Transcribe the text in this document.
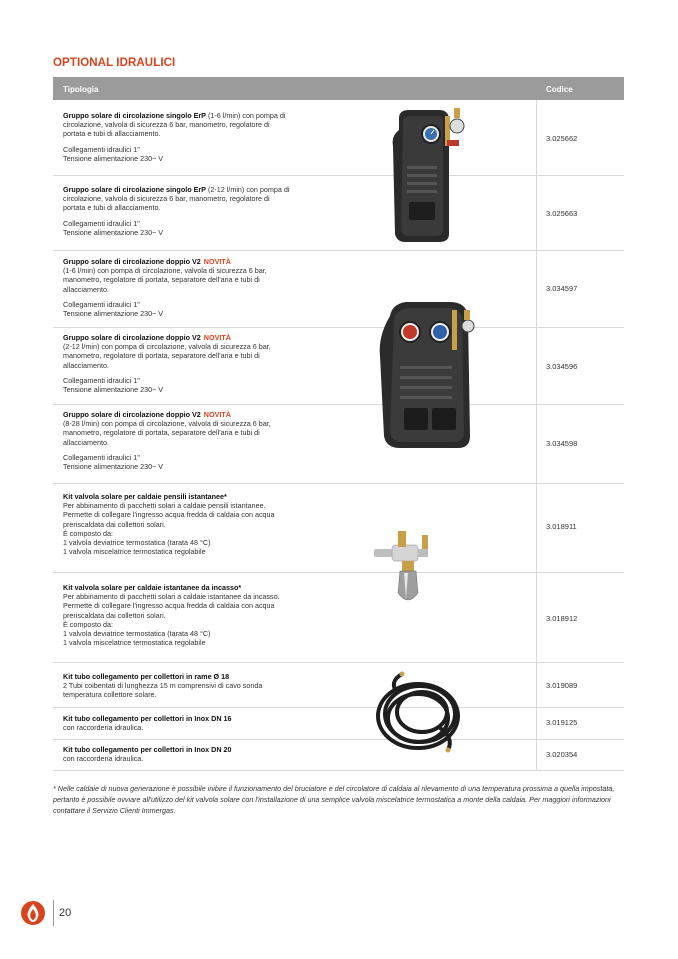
OPTIONAL IDRAULICI
Tipologia	Codice
Gruppo solare di circolazione singolo ErP (1-6 l/min) con pompa di circolazione, valvola di sicurezza 6 bar, manometro, regolatore di portata e tubi di allacciamento.
Collegamenti idraulici 1"
Tensione alimentazione 230~ V
3.025662
Gruppo solare di circolazione singolo ErP (2-12 l/min) con pompa di circolazione, valvola di sicurezza 6 bar, manometro, regolatore di portata e tubi di allacciamento.
Collegamenti idraulici 1"
Tensione alimentazione 230~ V
3.025663
Gruppo solare di circolazione doppio V2 NOVITÀ
(1-6 l/min) con pompa di circolazione, valvola di sicurezza 6 bar, manometro, regolatore di portata, separatore dell'aria e tubi di allacciamento.
Collegamenti idraulici 1"
Tensione alimentazione 230~ V
3.034597
Gruppo solare di circolazione doppio V2 NOVITÀ
(2-12 l/min) con pompa di circolazione, valvola di sicurezza 6 bar, manometro, regolatore di portata, separatore dell'aria e tubi di allacciamento.
Collegamenti idraulici 1"
Tensione alimentazione 230~ V
3.034596
Gruppo solare di circolazione doppio V2 NOVITÀ
(8-28 l/min) con pompa di circolazione, valvola di sicurezza 6 bar, manometro, regolatore di portata, separatore dell'aria e tubi di allacciamento.
Collegamenti idraulici 1"
Tensione alimentazione 230~ V
3.034598
Kit valvola solare per caldaie pensili istantanee*
Per abbinamento di pacchetti solari a caldaie pensili istantanee. Permette di collegare l'ingresso acqua fredda di caldaia con acqua preriscaldata dai collettori solari.
È composto da:
1 valvola deviatrice termostatica (tarata 48 °C)
1 valvola miscelatrice termostatica regolabile
3.018911
Kit valvola solare per caldaie istantanee da incasso*
Per abbinamento di pacchetti solari a caldaie istantanee da incasso. Permette di collegare l'ingresso acqua fredda di caldaia con acqua preriscaldata dai collettori solari.
È composto da:
1 valvola deviatrice termostatica (tarata 48 °C)
1 valvola miscelatrice termostatica regolabile
3.018912
Kit tubo collegamento per collettori in rame Ø 18
2 Tubi coibentati di lunghezza 15 m comprensivi di cavo sonda temperatura collettore solare.
3.019089
Kit tubo collegamento per collettori in Inox DN 16
con raccorderia idraulica.
3.019125
Kit tubo collegamento per collettori in Inox DN 20
con raccorderia idraulica.	3.020354
* Nelle caldaie di nuova generazione è possibile inibire il funzionamento del bruciatore e del circolatore di caldaia al rilevamento di una temperatura prossima a quella impostata, pertanto è possibile ovviare all'utilizzo del kit valvola solare con l'installazione di una semplice valvola miscelatrice termostatica a monte della caldaia. Per maggiori informazioni contattare il Servizio Clienti Immergas.
20
